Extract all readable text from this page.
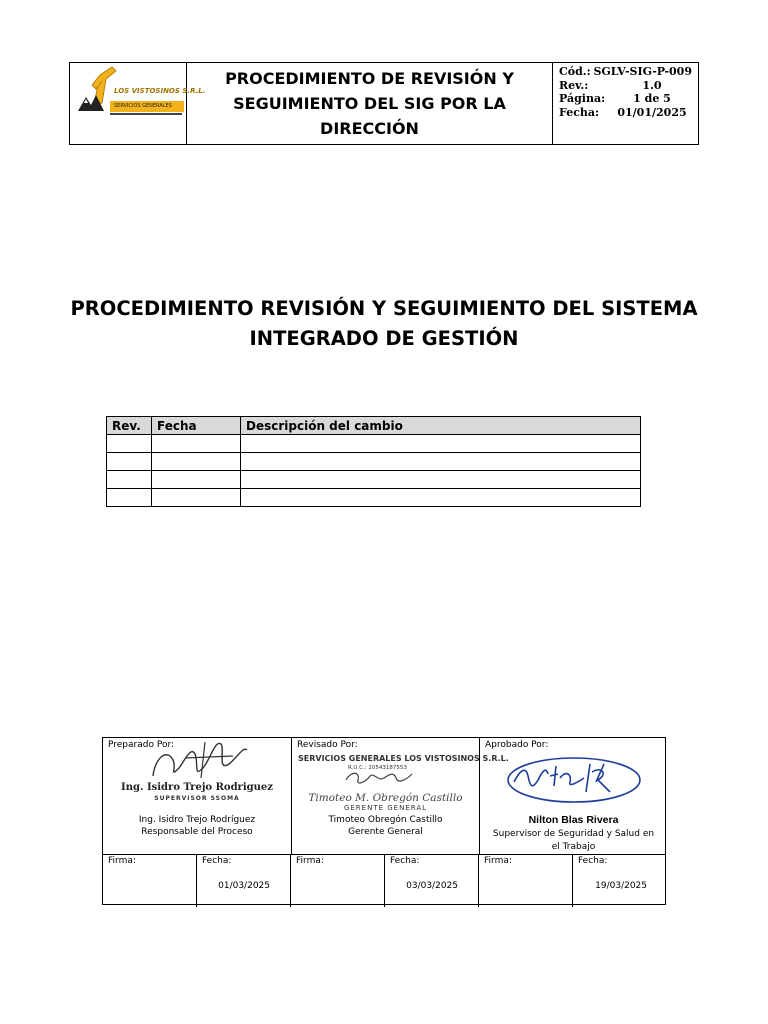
LOS VISTOSINOS S.R.L.
SERVICIOS GENERALES
PROCEDIMIENTO DE REVISIÓN Y SEGUIMIENTO DEL SIG POR LA DIRECCIÓN
Cód.: SGLV-SIG-P-009
Rev.:	1.0
Página:	1 de 5
Fecha:	01/01/2025
PROCEDIMIENTO REVISIÓN Y SEGUIMIENTO DEL SISTEMA INTEGRADO DE GESTIÓN
Rev.	Fecha	Descripción del cambio

Preparado Por:
Ing. Isidro Trejo Rodriguez
SUPERVISOR SSOMA
Ing. Isidro Trejo Rodríguez
Responsable del Proceso
Revisado Por:
SERVICIOS GENERALES LOS VISTOSINOS S.R.L.
R.U.C.: 20543187553
Timoteo M. Obregón Castillo
GERENTE GENERAL
Timoteo Obregón Castillo
Gerente General
Aprobado Por:
Nilton Blas Rivera
Supervisor de Seguridad y Salud en el Trabajo
Firma:	Fecha:
01/03/2025
Firma:	Fecha:
03/03/2025
Firma:	Fecha:
19/03/2025
